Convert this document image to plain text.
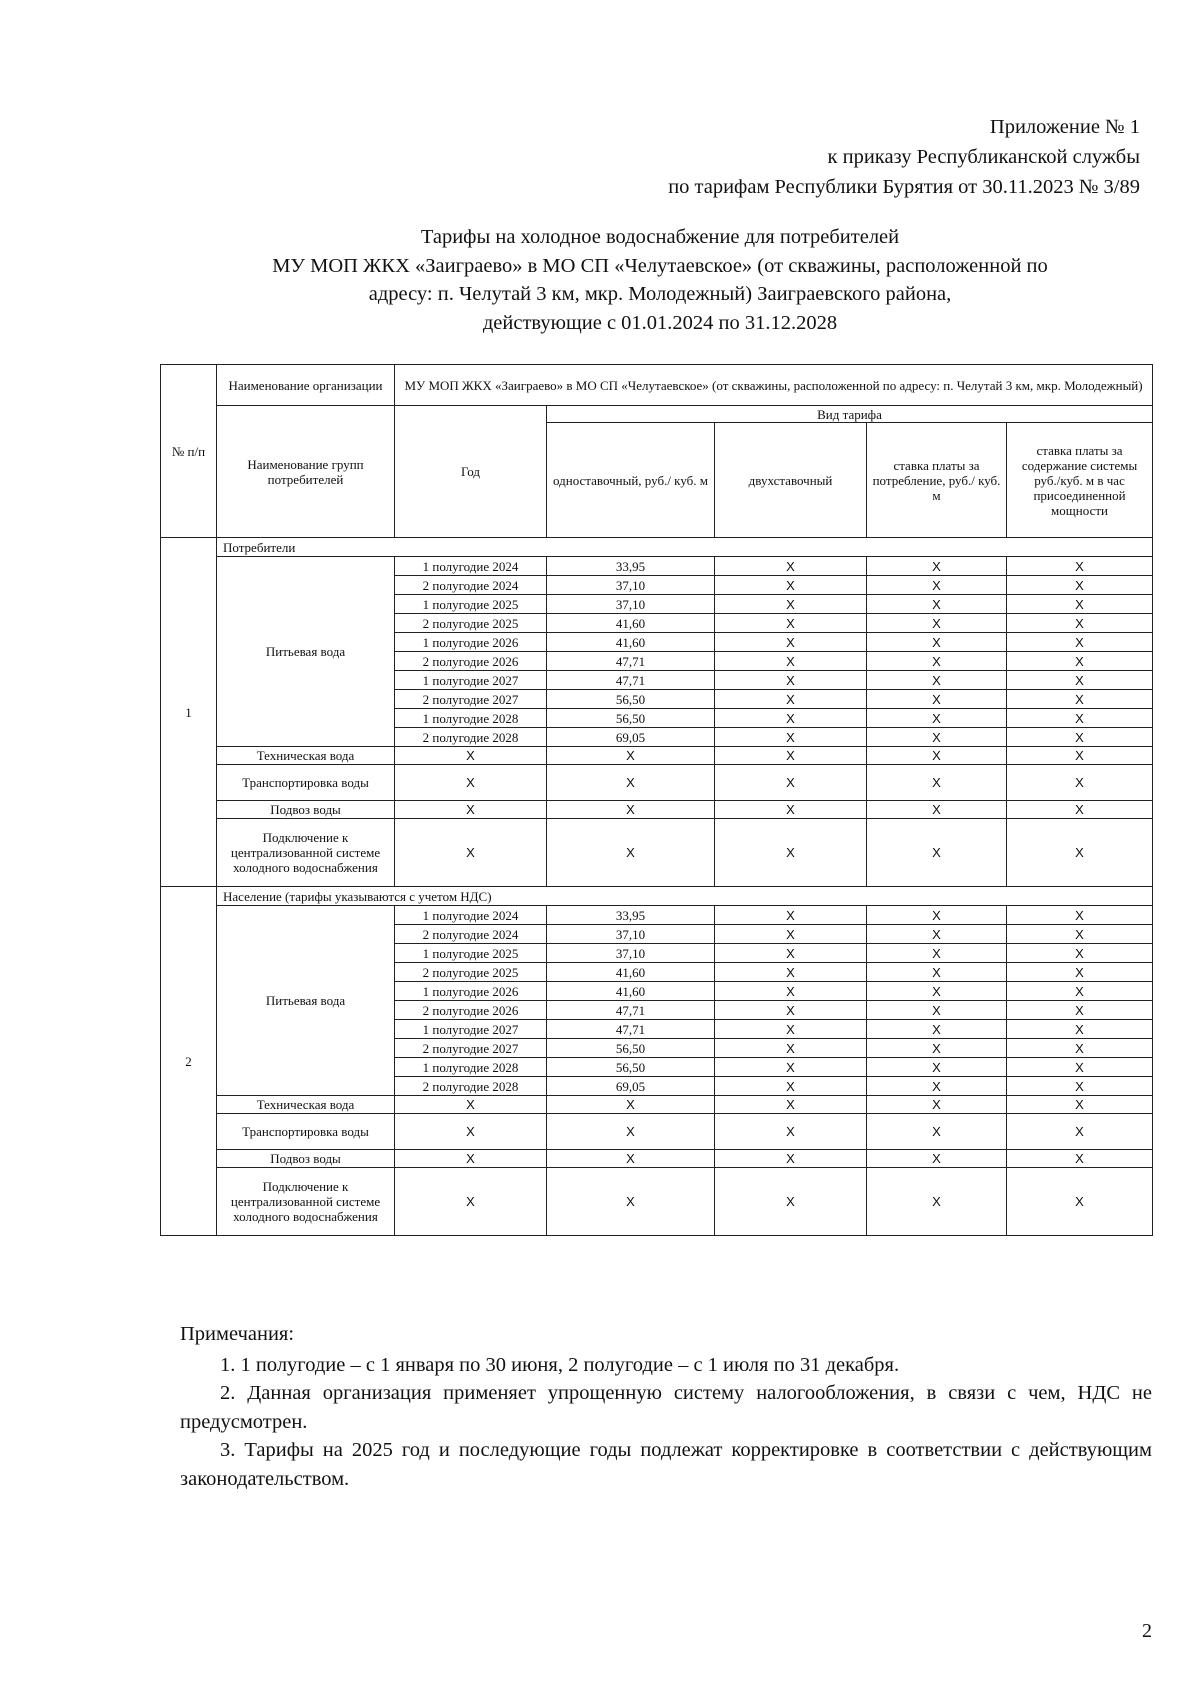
Приложение № 1
к приказу Республиканской службы
по тарифам Республики Бурятия от 30.11.2023 № 3/89
Тарифы на холодное водоснабжение для потребителей
МУ МОП ЖКХ «Заиграево» в МО СП «Челутаевское» (от скважины, расположенной по
адресу: п. Челутай 3 км, мкр. Молодежный) Заиграевского района,
действующие с 01.01.2024 по 31.12.2028
№ п/п	Наименование организации	МУ МОП ЖКХ «Заиграево» в МО СП «Челутаевское» (от скважины, расположенной по адресу: п. Челутай 3 км, мкр. Молодежный)				
	Наименование групп потребителей	Год	Вид тарифа			
			одноставочный, руб./ куб. м	двухставочный	ставка платы за потребление, руб./ куб. м	ставка платы за содержание системы руб./куб. м в час присоединенной мощности
1	Потребители					
	Питьевая вода	1 полугодие 2024	33,95	X	X	X
		2 полугодие 2024	37,10	X	X	X
		1 полугодие 2025	37,10	X	X	X
		2 полугодие 2025	41,60	X	X	X
		1 полугодие 2026	41,60	X	X	X
		2 полугодие 2026	47,71	X	X	X
		1 полугодие 2027	47,71	X	X	X
		2 полугодие 2027	56,50	X	X	X
		1 полугодие 2028	56,50	X	X	X
		2 полугодие 2028	69,05	X	X	X
	Техническая вода	X	X	X	X	X
	Транспортировка воды	X	X	X	X	X
	Подвоз воды	X	X	X	X	X
	Подключение к централизованной системе холодного водоснабжения	X	X	X	X	X
2	Население (тарифы указываются с учетом НДС)					
	Питьевая вода	1 полугодие 2024	33,95	X	X	X
		2 полугодие 2024	37,10	X	X	X
		1 полугодие 2025	37,10	X	X	X
		2 полугодие 2025	41,60	X	X	X
		1 полугодие 2026	41,60	X	X	X
		2 полугодие 2026	47,71	X	X	X
		1 полугодие 2027	47,71	X	X	X
		2 полугодие 2027	56,50	X	X	X
		1 полугодие 2028	56,50	X	X	X
		2 полугодие 2028	69,05	X	X	X
	Техническая вода	X	X	X	X	X
	Транспортировка воды	X	X	X	X	X
	Подвоз воды	X	X	X	X	X
	Подключение к централизованной системе холодного водоснабжения	X	X	X	X	X

Примечания:

1. 1 полугодие – с 1 января по 30 июня, 2 полугодие – с 1 июля по 31 декабря.

2. Данная организация применяет упрощенную систему налогообложения, в связи с чем, НДС не предусмотрен.

3. Тарифы на 2025 год и последующие годы подлежат корректировке в соответствии с действующим законодательством.

2
